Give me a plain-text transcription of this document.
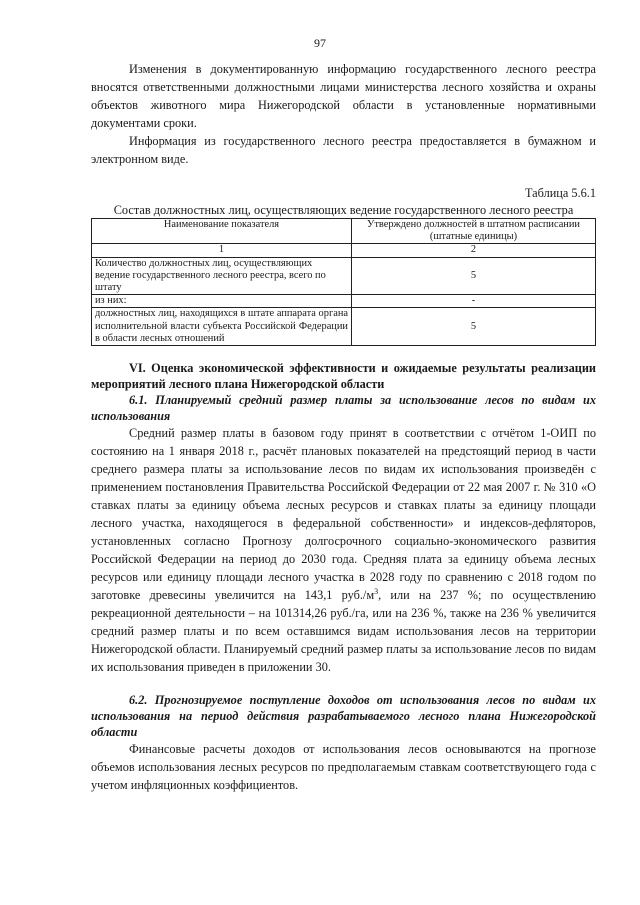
97

Изменения в документированную информацию государственного лесного реестра вносятся ответственными должностными лицами министерства лесного хозяйства и охраны объектов животного мира Нижегородской области в установленные нормативными документами сроки.

Информация из государственного лесного реестра предоставляется в бумажном и электронном виде.

Таблица 5.6.1
Состав должностных лиц, осуществляющих ведение государственного лесного реестра
Наименование показателя	Утверждено должностей в штатном расписании (штатные единицы)
1	2
Количество должностных лиц, осуществляющих ведение государственного лесного реестра, всего по штату	5
из них:	-
должностных лиц, находящихся в штате аппарата органа исполнительной власти субъекта Российской Федерации в области лесных отношений	5
VI. Оценка экономической эффективности и ожидаемые результаты реализации мероприятий лесного плана Нижегородской области
6.1. Планируемый средний размер платы за использование лесов по видам их использования

Средний размер платы в базовом году принят в соответствии с отчётом 1-ОИП по состоянию на 1 января 2018 г., расчёт плановых показателей на предстоящий период в части среднего размера платы за использование лесов по видам их использования произведён с применением постановления Правительства Российской Федерации от 22 мая 2007 г. № 310 «О ставках платы за единицу объема лесных ресурсов и ставках платы за единицу площади лесного участка, находящегося в федеральной собственности» и индексов-дефляторов, установленных согласно Прогнозу долгосрочного социально-экономического развития Российской Федерации на период до 2030 года. Средняя плата за единицу объема лесных ресурсов или единицу площади лесного участка в 2028 году по сравнению с 2018 годом по заготовке древесины увеличится на 143,1 $руб./м^3$, или на 237 %; по осуществлению рекреационной деятельности – на 101314,26 руб./га, или на 236 %, также на 236 % увеличится средний размер платы и по всем оставшимся видам использования лесов на территории Нижегородской области. Планируемый средний размер платы за использование лесов по видам их использования приведен в приложении 30.

6.2. Прогнозируемое поступление доходов от использования лесов по видам их использования на период действия разрабатываемого лесного плана Нижегородской области

Финансовые расчеты доходов от использования лесов основываются на прогнозе объемов использования лесных ресурсов по предполагаемым ставкам соответствующего года с учетом инфляционных коэффициентов.
